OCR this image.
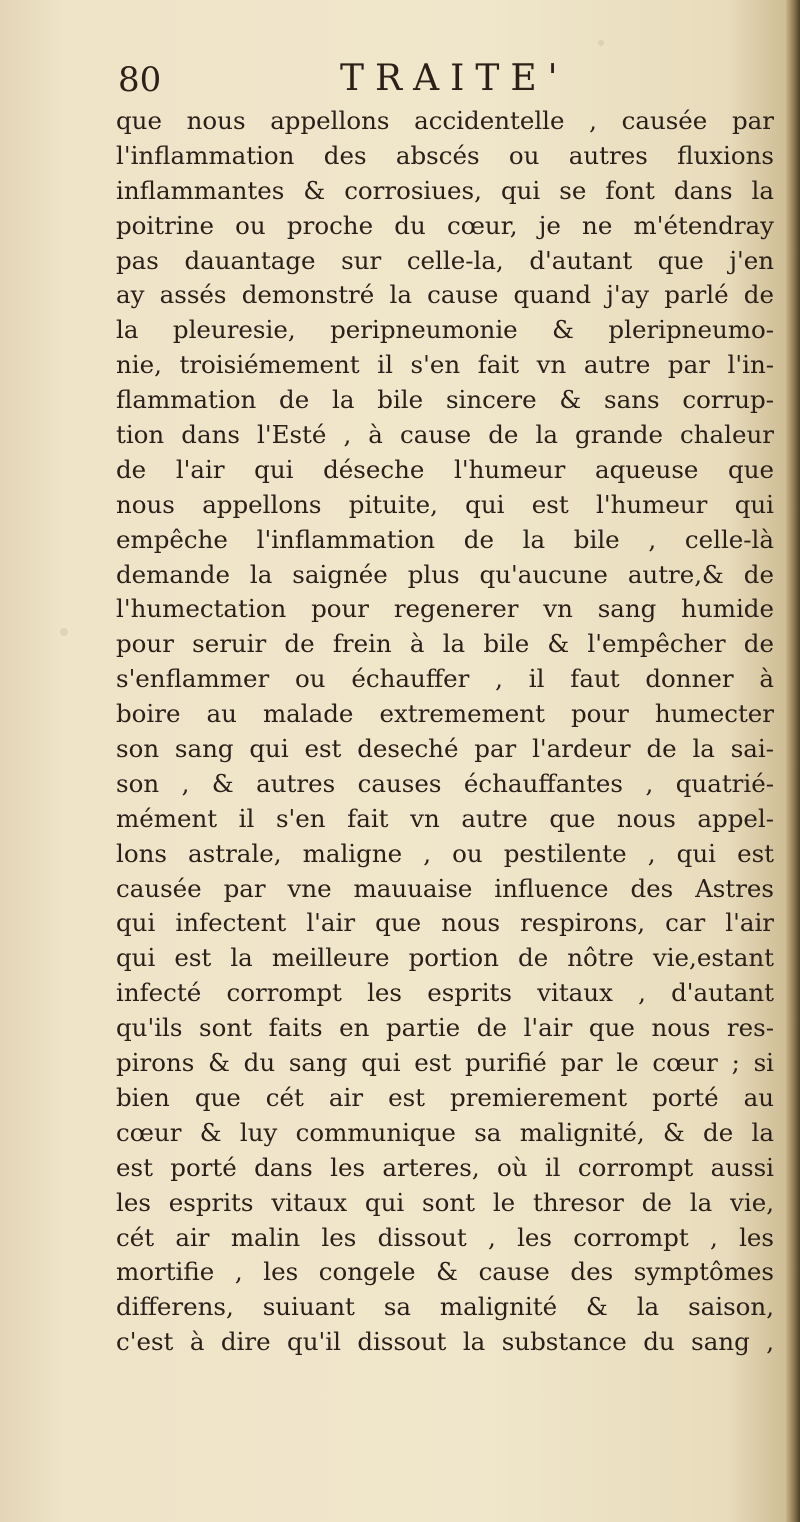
80	TRAITE'
que nous appellons accidentelle , causée par
l'inflammation des abscés ou autres fluxions
inflammantes & corrosiues, qui se font dans la
poitrine ou proche du cœur, je ne m'étendray
pas dauantage sur celle-la, d'autant que j'en
ay assés demonstré la cause quand j'ay parlé de
la pleuresie, peripneumonie & pleripneumo-
nie, troisiémement il s'en fait vn autre par l'in-
flammation de la bile sincere & sans corrup-
tion dans l'Esté , à cause de la grande chaleur
de l'air qui déseche l'humeur aqueuse que
nous appellons pituite, qui est l'humeur qui
empêche l'inflammation de la bile , celle-là
demande la saignée plus qu'aucune autre,& de
l'humectation pour regenerer vn sang humide
pour seruir de frein à la bile & l'empêcher de
s'enflammer ou échauffer , il faut donner à
boire au malade extremement pour humecter
son sang qui est deseché par l'ardeur de la sai-
son , & autres causes échauffantes , quatrié-
mément il s'en fait vn autre que nous appel-
lons astrale, maligne , ou pestilente , qui est
causée par vne mauuaise influence des Astres
qui infectent l'air que nous respirons, car l'air
qui est la meilleure portion de nôtre vie,estant
infecté corrompt les esprits vitaux , d'autant
qu'ils sont faits en partie de l'air que nous res-
pirons & du sang qui est purifié par le cœur ; si
bien que cét air est premierement porté au
cœur & luy communique sa malignité, & de la
est porté dans les arteres, où il corrompt aussi
les esprits vitaux qui sont le thresor de la vie,
cét air malin les dissout , les corrompt , les
mortifie , les congele & cause des symptômes
differens, suiuant sa malignité & la saison,
c'est à dire qu'il dissout la substance du sang ,
